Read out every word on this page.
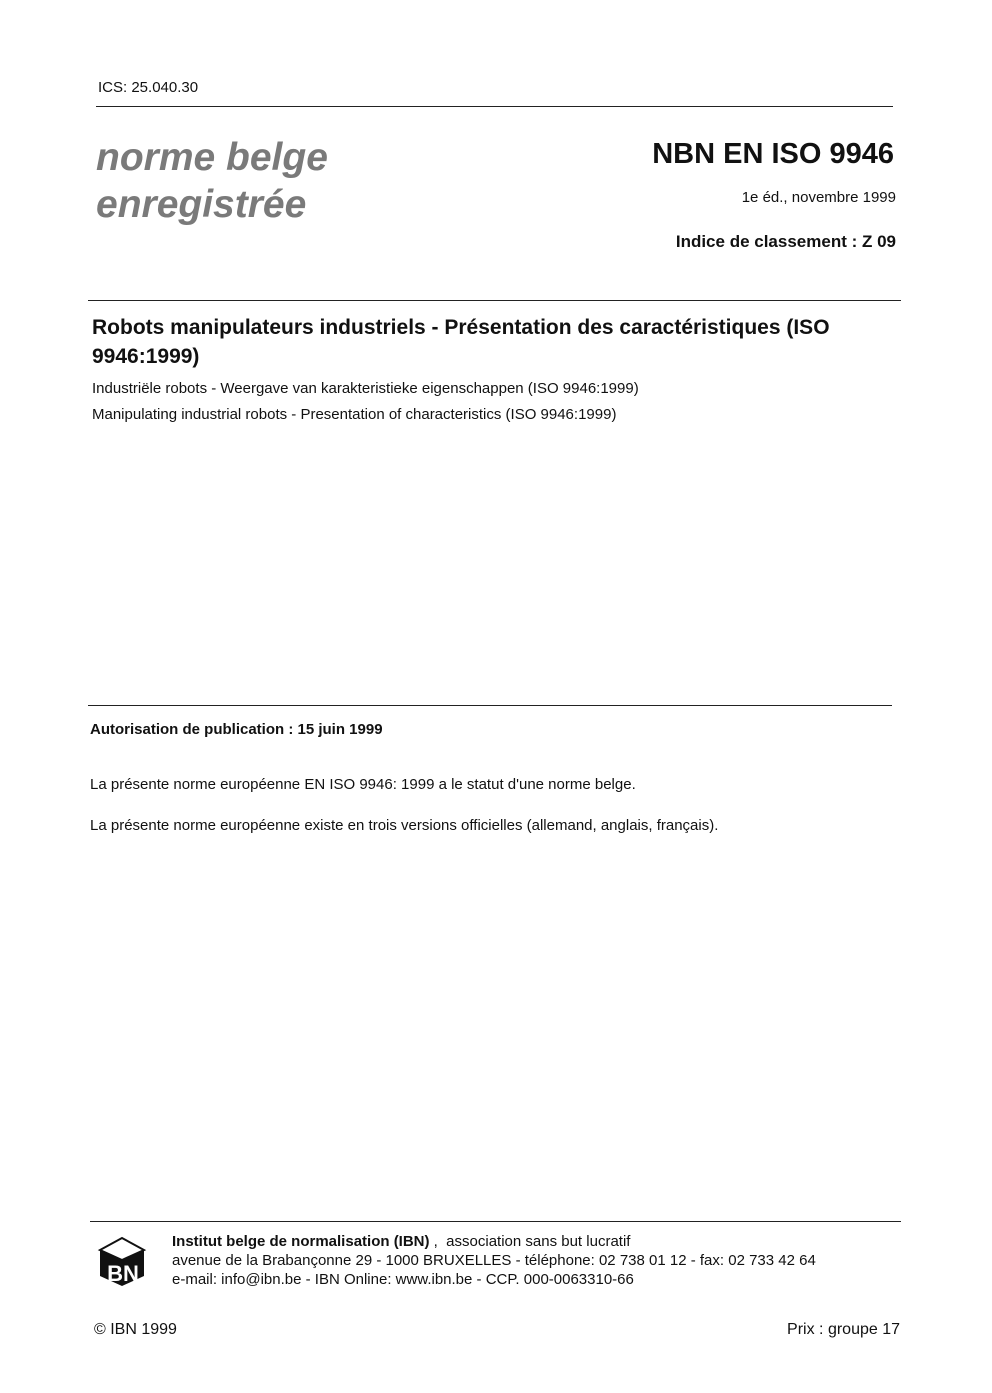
ICS: 25.040.30
norme belge
enregistrée
NBN EN ISO 9946
1e éd., novembre 1999
Indice de classement : Z 09
Robots manipulateurs industriels - Présentation des caractéristiques (ISO 9946:1999)
Industriële robots - Weergave van karakteristieke eigenschappen (ISO 9946:1999)
Manipulating industrial robots - Presentation of characteristics (ISO 9946:1999)
Autorisation de publication : 15 juin 1999
La présente norme européenne EN ISO 9946: 1999 a le statut d'une norme belge.
La présente norme européenne existe en trois versions officielles (allemand, anglais, français).
BN
Institut belge de normalisation (IBN) ,  association sans but lucratif
avenue de la Brabançonne 29 - 1000 BRUXELLES - téléphone: 02 738 01 12 - fax: 02 733 42 64
e-mail: info@ibn.be - IBN Online: www.ibn.be - CCP. 000-0063310-66
© IBN 1999	Prix : groupe 17
